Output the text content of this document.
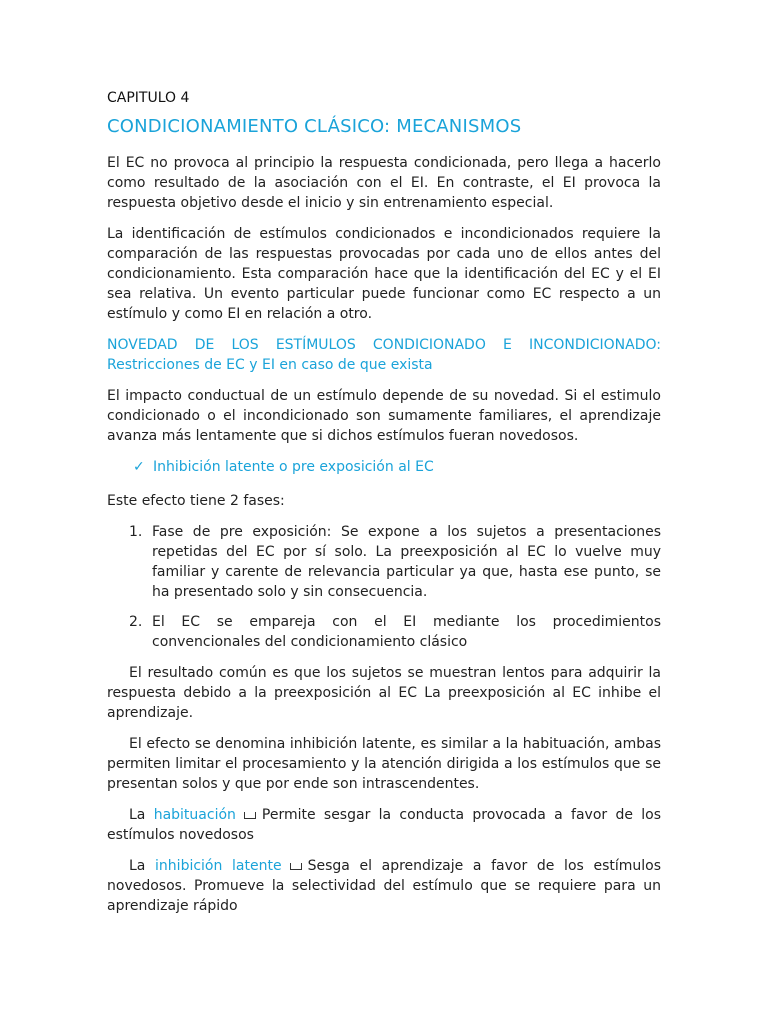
CAPITULO 4
CONDICIONAMIENTO CLÁSICO: MECANISMOS

El EC no provoca al principio la respuesta condicionada, pero llega a hacerlo como resultado de la asociación con el EI. En contraste, el EI provoca la respuesta objetivo desde el inicio y sin entrenamiento especial.

La identificación de estímulos condicionados e incondicionados requiere la comparación de las respuestas provocadas por cada uno de ellos antes del condicionamiento. Esta comparación hace que la identificación del EC y el EI sea relativa. Un evento particular puede funcionar como EC respecto a un estímulo y como EI en relación a otro.

NOVEDAD DE LOS ESTÍMULOS CONDICIONADO E INCONDICIONADO: Restricciones de EC y EI en caso de que exista

El impacto conductual de un estímulo depende de su novedad. Si el estimulo condicionado o el incondicionado son sumamente familiares, el aprendizaje avanza más lentamente que si dichos estímulos fueran novedosos.

✓ Inhibición latente o pre exposición al EC

Este efecto tiene 2 fases:

1. Fase de pre exposición: Se expone a los sujetos a presentaciones repetidas del EC por sí solo. La preexposición al EC lo vuelve muy familiar y carente de relevancia particular ya que, hasta ese punto, se ha presentado solo y sin consecuencia.
2. El EC se empareja con el EI mediante los procedimientos convencionales del condicionamiento clásico

El resultado común es que los sujetos se muestran lentos para adquirir la respuesta debido a la preexposición al EC La preexposición al EC inhibe el aprendizaje.

El efecto se denomina inhibición latente, es similar a la habituación, ambas permiten limitar el procesamiento y la atención dirigida a los estímulos que se presentan solos y que por ende son intrascendentes.

La habituación Permite sesgar la conducta provocada a favor de los estímulos novedosos

La inhibición latente Sesga el aprendizaje a favor de los estímulos novedosos. Promueve la selectividad del estímulo que se requiere para un aprendizaje rápido
